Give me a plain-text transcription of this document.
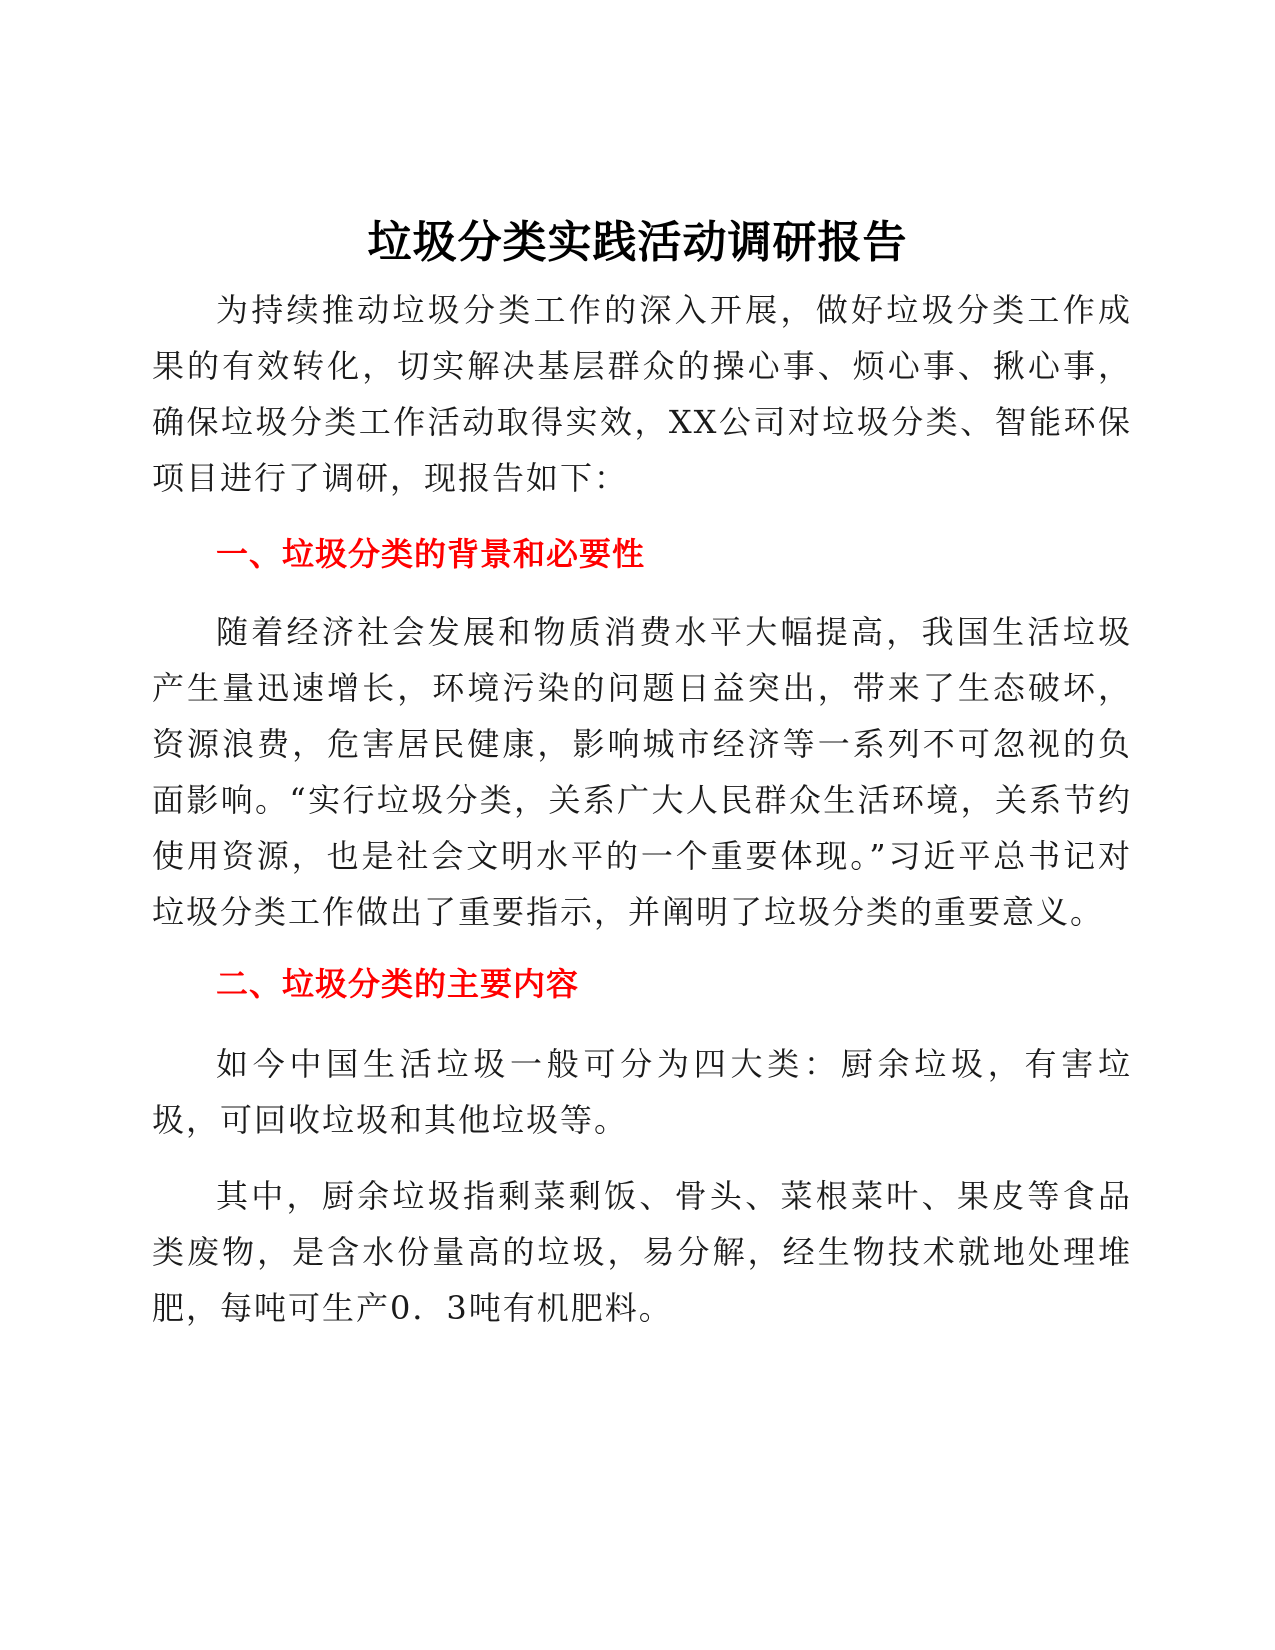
垃圾分类实践活动调研报告

为持续推动垃圾分类工作的深入开展，做好垃圾分类工作成果的有效转化，切实解决基层群众的操心事、烦心事、揪心事，确保垃圾分类工作活动取得实效，XX公司对垃圾分类、智能环保项目进行了调研，现报告如下：

一、垃圾分类的背景和必要性

随着经济社会发展和物质消费水平大幅提高，我国生活垃圾产生量迅速增长，环境污染的问题日益突出，带来了生态破坏，资源浪费，危害居民健康，影响城市经济等一系列不可忽视的负面影响。“实行垃圾分类，关系广大人民群众生活环境，关系节约使用资源，也是社会文明水平的一个重要体现。”习近平总书记对垃圾分类工作做出了重要指示，并阐明了垃圾分类的重要意义。

二、垃圾分类的主要内容

如今中国生活垃圾一般可分为四大类：厨余垃圾，有害垃圾，可回收垃圾和其他垃圾等。

其中，厨余垃圾指剩菜剩饭、骨头、菜根菜叶、果皮等食品类废物，是含水份量高的垃圾，易分解，经生物技术就地处理堆肥，每吨可生产0．3吨有机肥料。
